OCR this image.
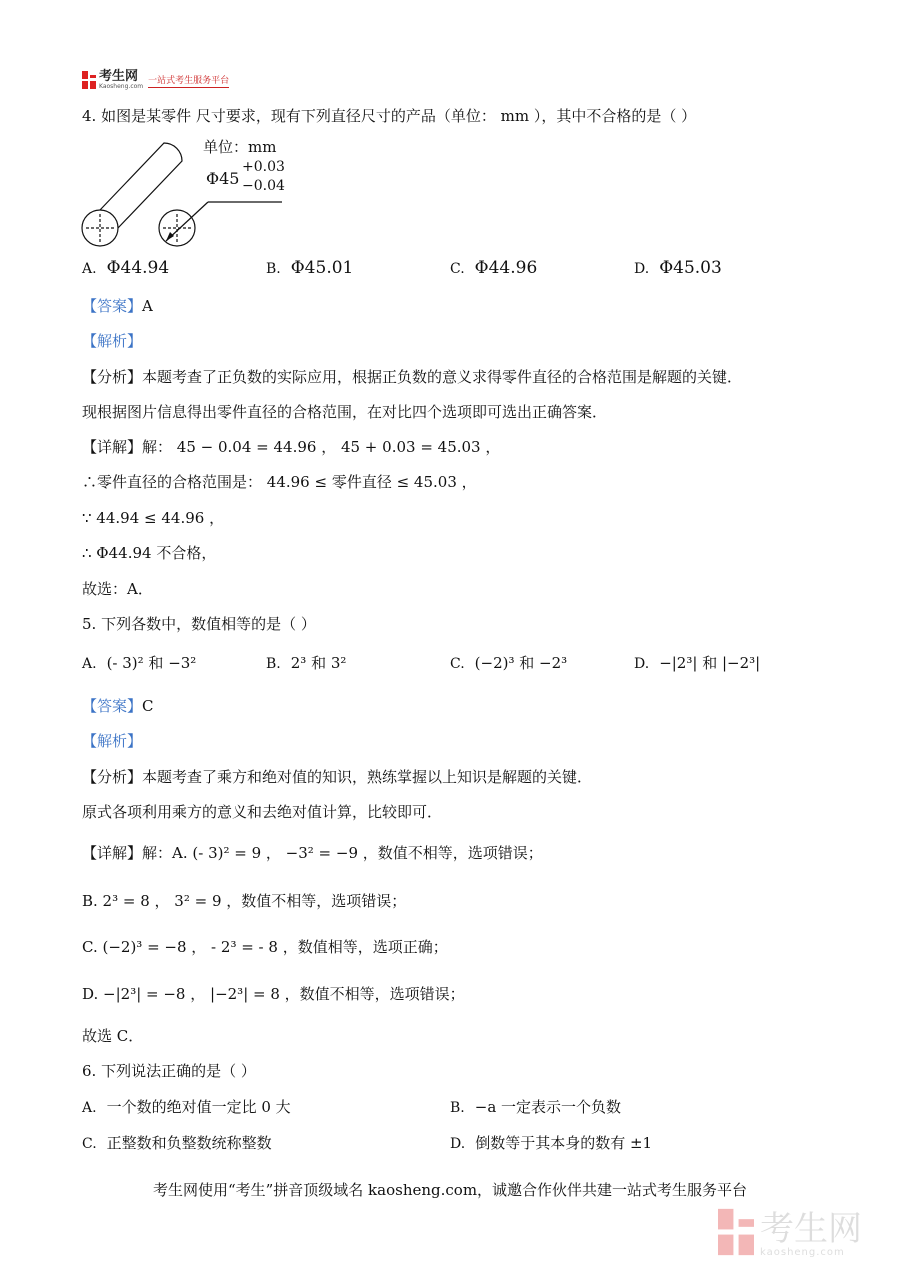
考生网
Kaosheng.com
一站式考生服务平台
4. 如图是某零件 尺寸要求，现有下列直径尺寸的产品（单位： mm ），其中不合格的是（ ）
单位：mm
Φ45
+0.03
−0.04
A. Φ44.94	B. Φ45.01	C. Φ44.96	D. Φ45.03
【答案】A
【解析】
【分析】本题考查了正负数的实际应用，根据正负数的意义求得零件直径的合格范围是解题的关键．
现根据图片信息得出零件直径的合格范围，在对比四个选项即可选出正确答案．
【详解】解： 45 − 0.04 = 44.96 ， 45 + 0.03 = 45.03 ，
∴零件直径的合格范围是： 44.96 ≤ 零件直径 ≤ 45.03 ，
∵ 44.94 ≤ 44.96 ，
∴ Φ44.94 不合格，
故选：A．
5. 下列各数中，数值相等的是（ ）
A. (- 3)² 和 −3²	B. 2³ 和 3²	C. (−2)³ 和 −2³	D. −|2³| 和 |−2³|
【答案】C
【解析】
【分析】本题考查了乘方和绝对值的知识，熟练掌握以上知识是解题的关键．
原式各项利用乘方的意义和去绝对值计算，比较即可．
【详解】解：A. (- 3)² = 9 ， −3² = −9 ，数值不相等，选项错误；
B. 2³ = 8 ， 3² = 9 ，数值不相等，选项错误；
C. (−2)³ = −8 ， - 2³ = - 8 ，数值相等，选项正确；
D. −|2³| = −8 ， |−2³| = 8 ，数值不相等，选项错误；
故选 C．
6. 下列说法正确的是（ ）
A. 一个数的绝对值一定比 0 大	B. −a 一定表示一个负数
C. 正整数和负整数统称整数	D. 倒数等于其本身的数有 ±1
考生网使用“考生”拼音顶级域名 kaosheng.com，诚邀合作伙伴共建一站式考生服务平台
考生网
kaosheng.com
